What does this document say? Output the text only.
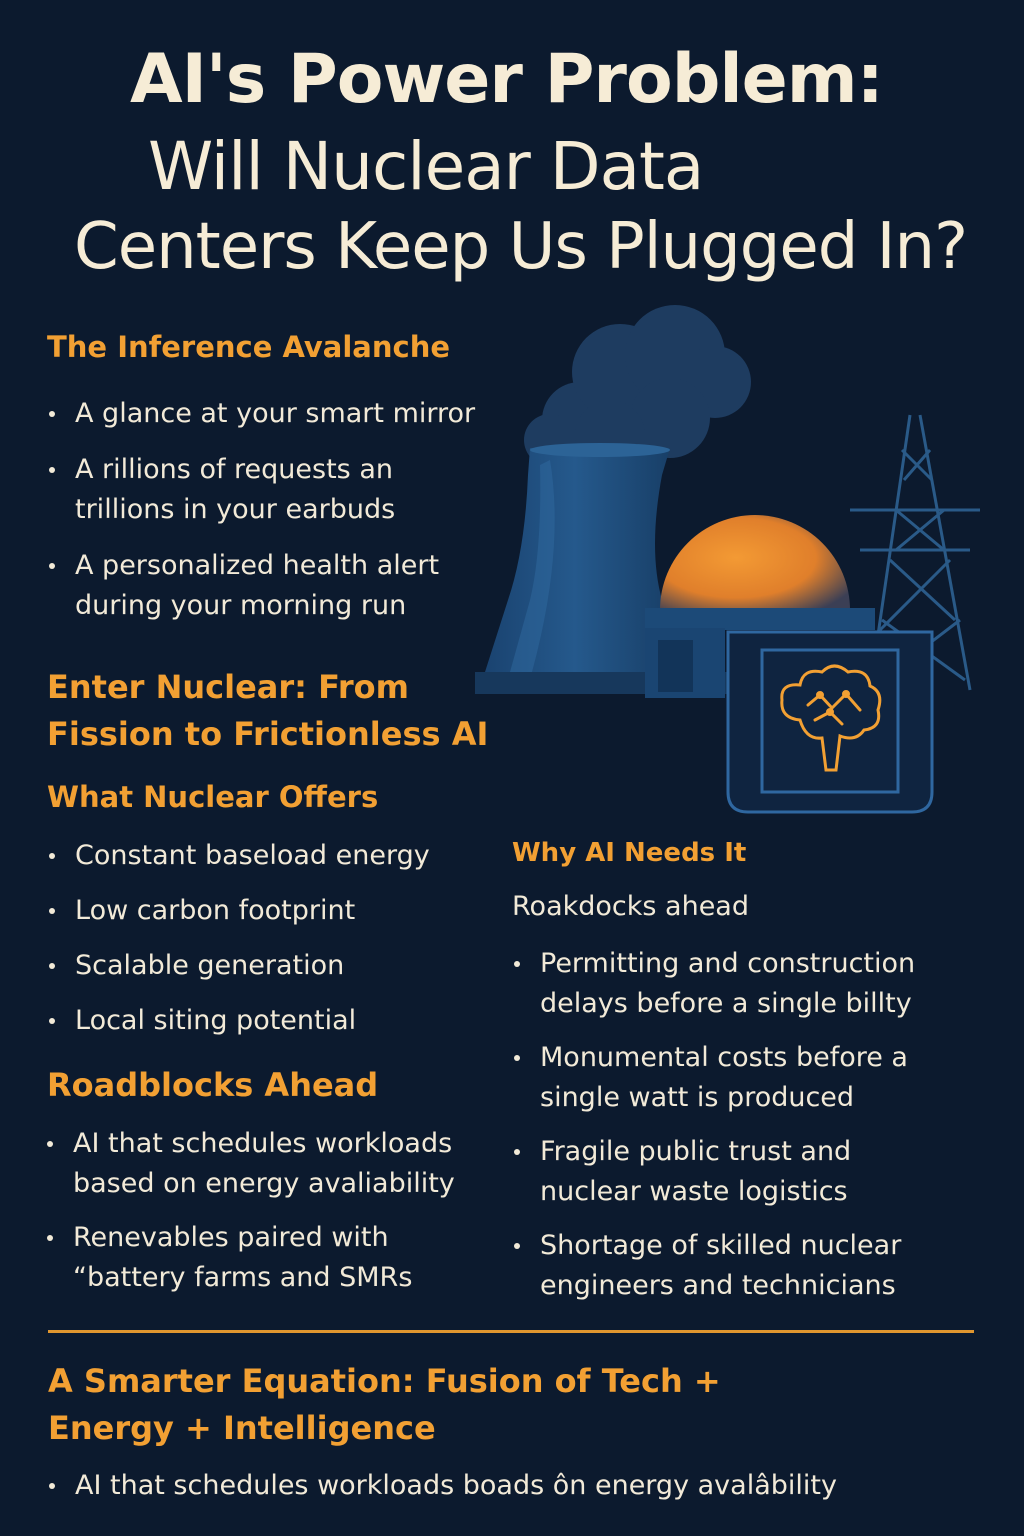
AI's Power Problem:
Will Nuclear Data
Centers Keep Us Plugged In?
The Inference Avalanche
A glance at your smart mirror
A rillions of requests an
trillions in your earbuds
A personalized health alert
during your morning run
Enter Nuclear: From
Fission to Frictionless AI
What Nuclear Offers
Constant baseload energy
Low carbon footprint
Scalable generation
Local siting potential
Roadblocks Ahead
AI that schedules workloads
based on energy avaliability
Renevables paired with
“battery farms and SMRs
Why AI Needs It

Roakdocks ahead

Permitting and construction
delays before a single billty
Monumental costs before a
single watt is produced
Fragile public trust and
nuclear waste logistics
Shortage of skilled nuclear
engineers and technicians
A Smarter Equation: Fusion of Tech +
Energy + Intelligence
AI that schedules workloads boads ôn energy avalâbility
